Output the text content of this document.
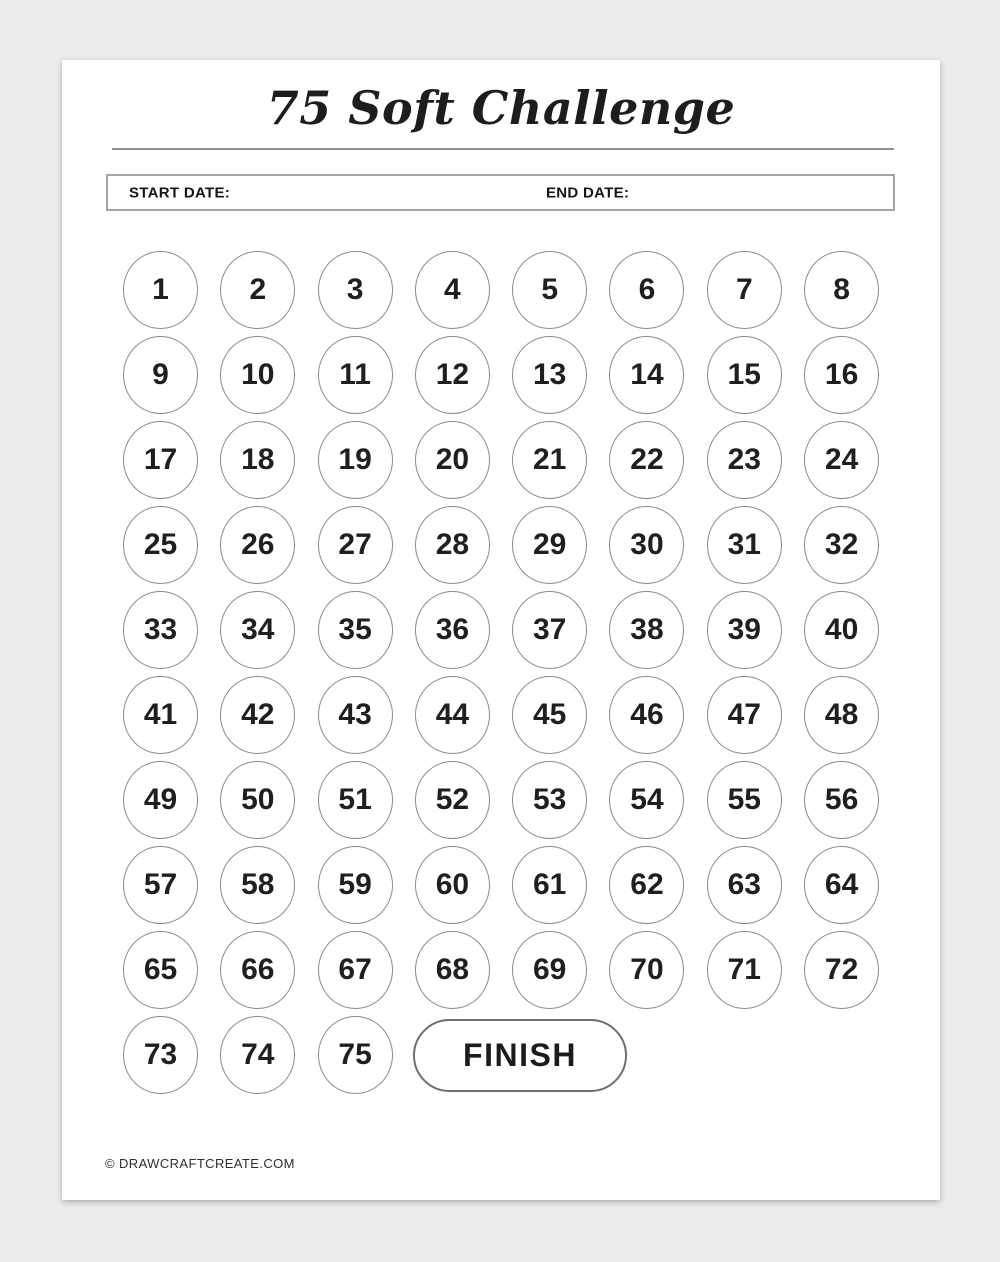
75 Soft Challenge
START DATE:	END DATE:
1	2	3	4	5	6	7	8
9	10	11	12	13	14	15	16
17	18	19	20	21	22	23	24
25	26	27	28	29	30	31	32
33	34	35	36	37	38	39	40
41	42	43	44	45	46	47	48
49	50	51	52	53	54	55	56
57	58	59	60	61	62	63	64
65	66	67	68	69	70	71	72
73	74	75	FINISH
© DRAWCRAFTCREATE.COM
